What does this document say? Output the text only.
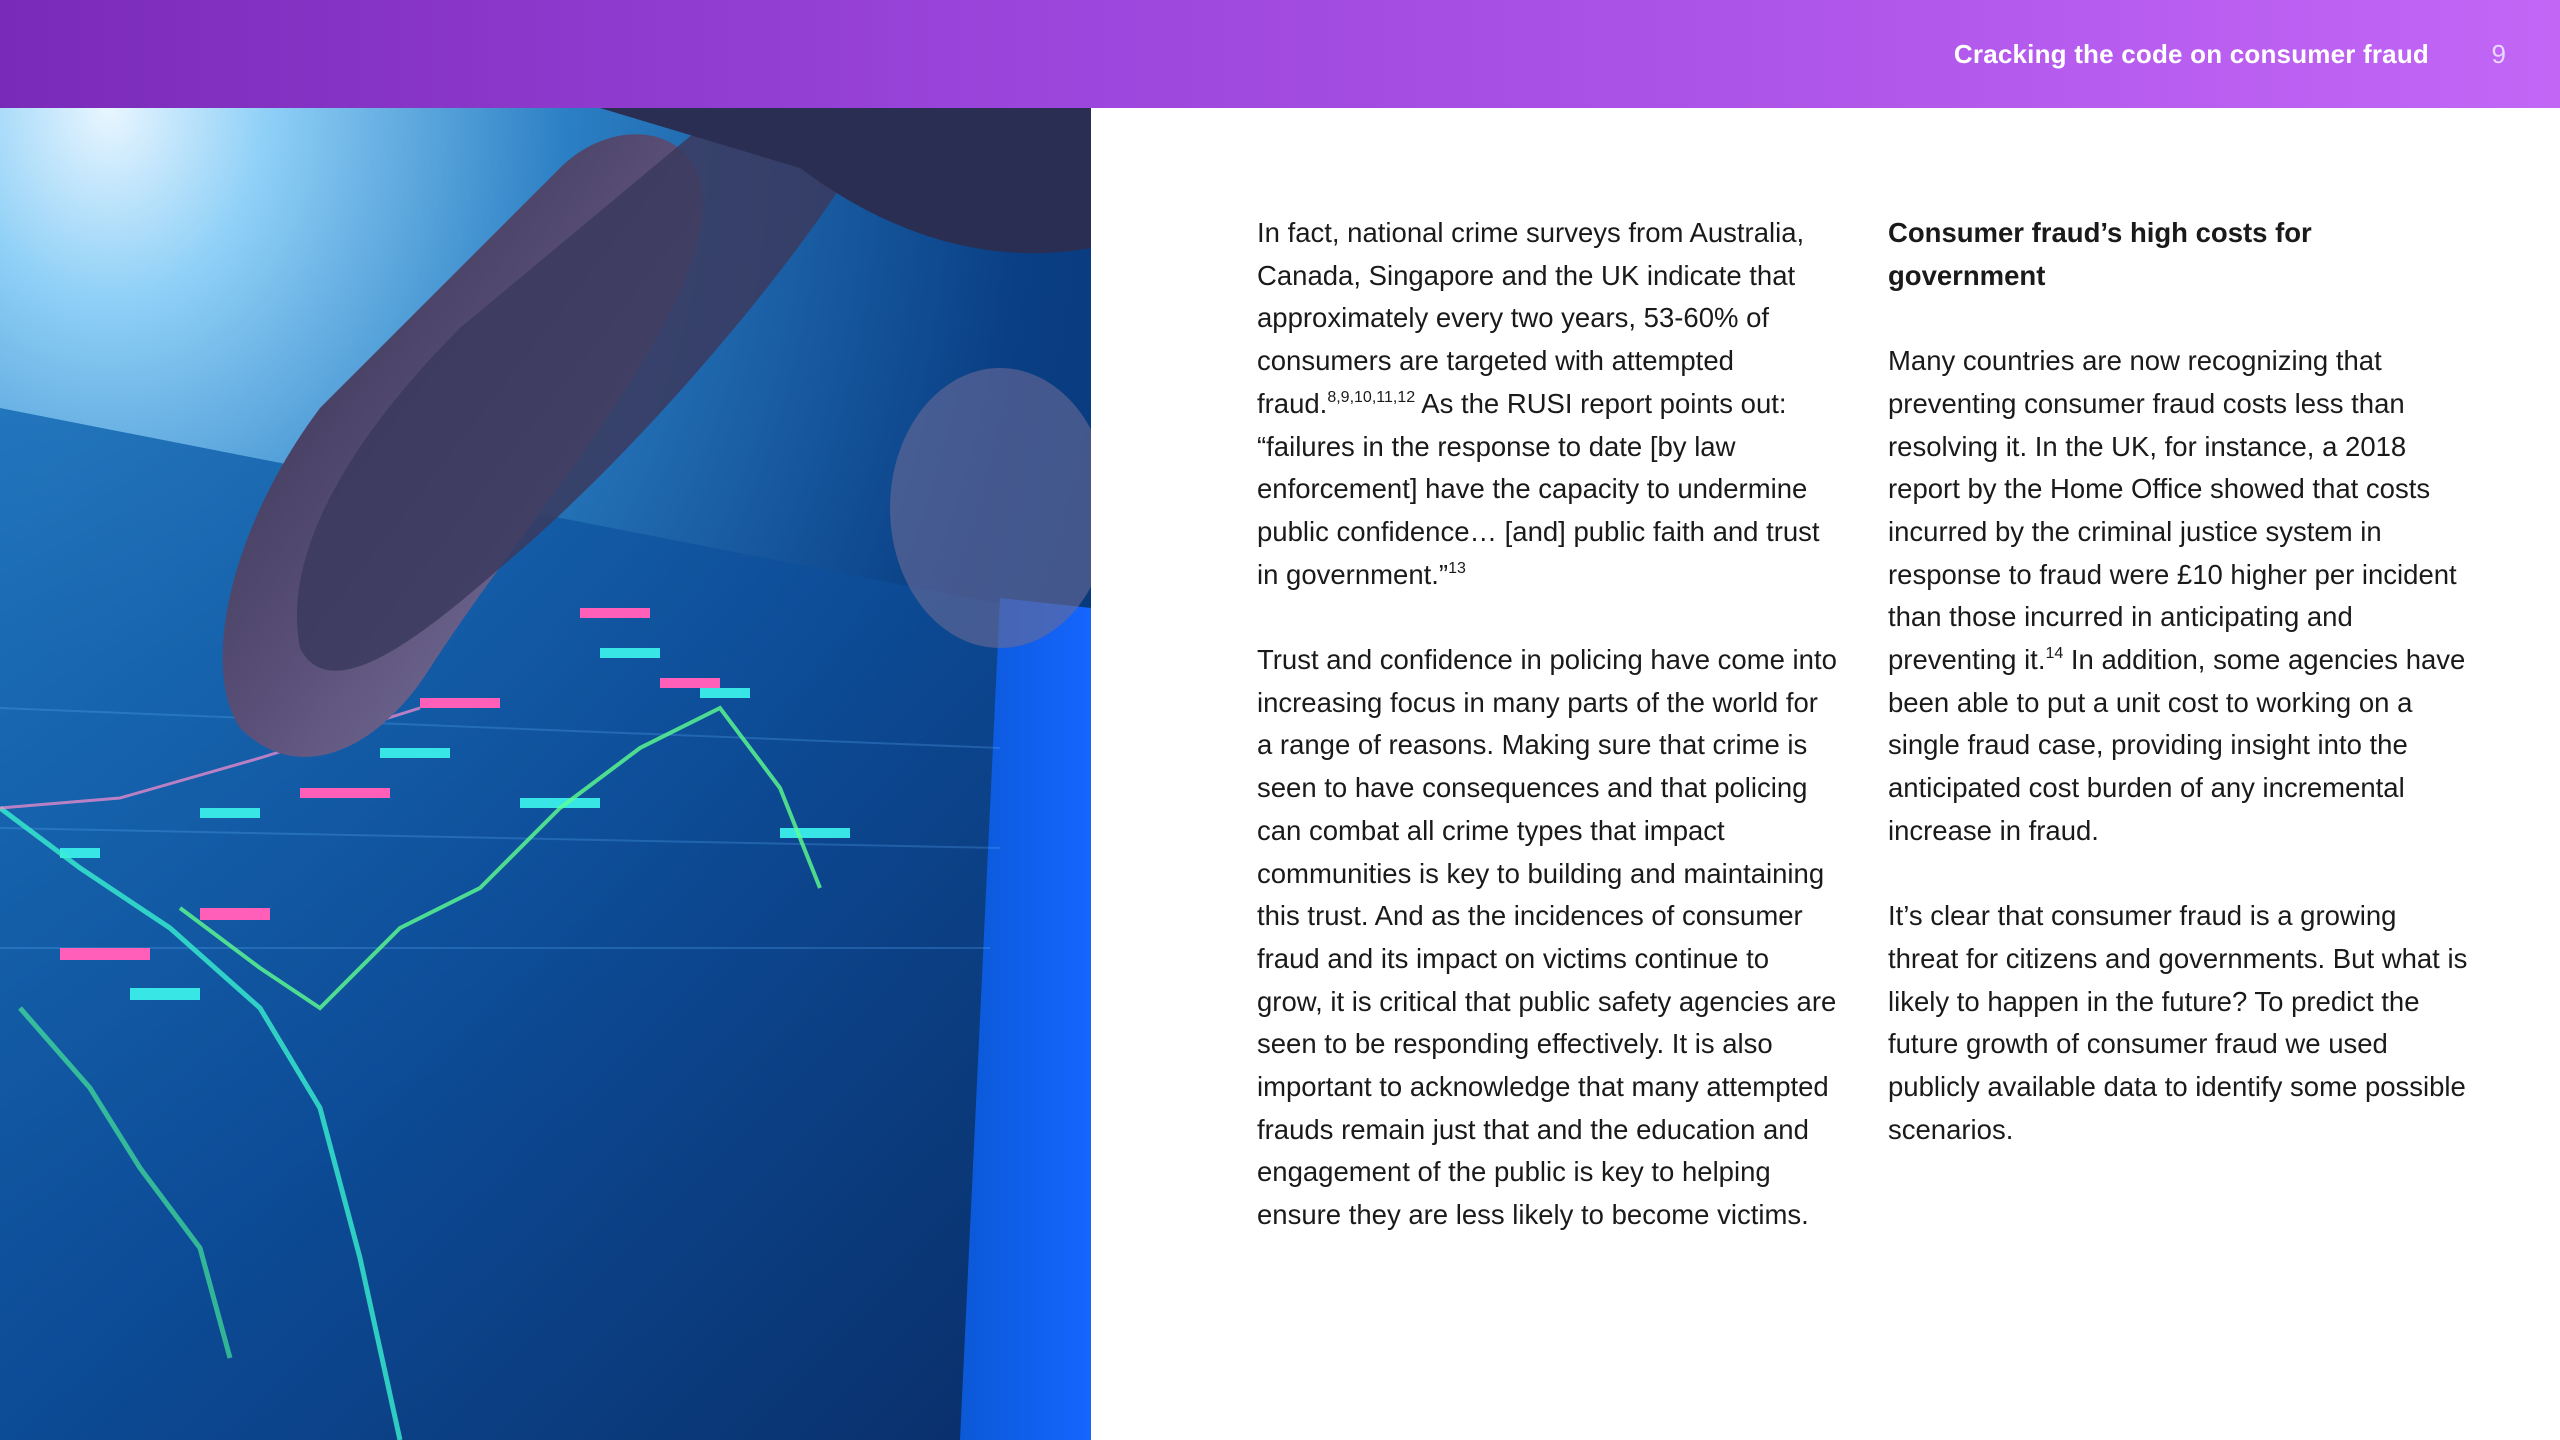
Cracking the code on consumer fraud 9

In fact, national crime surveys from Australia, Canada, Singapore and the UK indicate that approximately every two years, 53-60% of consumers are targeted with attempted fraud.$^{8,9,10,11,12}$ As the RUSI report points out: “failures in the response to date [by law enforcement] have the capacity to undermine public confidence… [and] public faith and trust in government.”$^{13}$

Trust and confidence in policing have come into increasing focus in many parts of the world for a range of reasons. Making sure that crime is seen to have consequences and that policing can combat all crime types that impact communities is key to building and maintaining this trust. And as the incidences of consumer fraud and its impact on victims continue to grow, it is critical that public safety agencies are seen to be responding effectively. It is also important to acknowledge that many attempted frauds remain just that and the education and engagement of the public is key to helping ensure they are less likely to become victims.

Consumer fraud’s high costs for government

Many countries are now recognizing that preventing consumer fraud costs less than resolving it. In the UK, for instance, a 2018 report by the Home Office showed that costs incurred by the criminal justice system in response to fraud were £10 higher per incident than those incurred in anticipating and preventing it.$^{14}$ In addition, some agencies have been able to put a unit cost to working on a single fraud case, providing insight into the anticipated cost burden of any incremental increase in fraud.

It’s clear that consumer fraud is a growing threat for citizens and governments. But what is likely to happen in the future? To predict the future growth of consumer fraud we used publicly available data to identify some possible scenarios.
